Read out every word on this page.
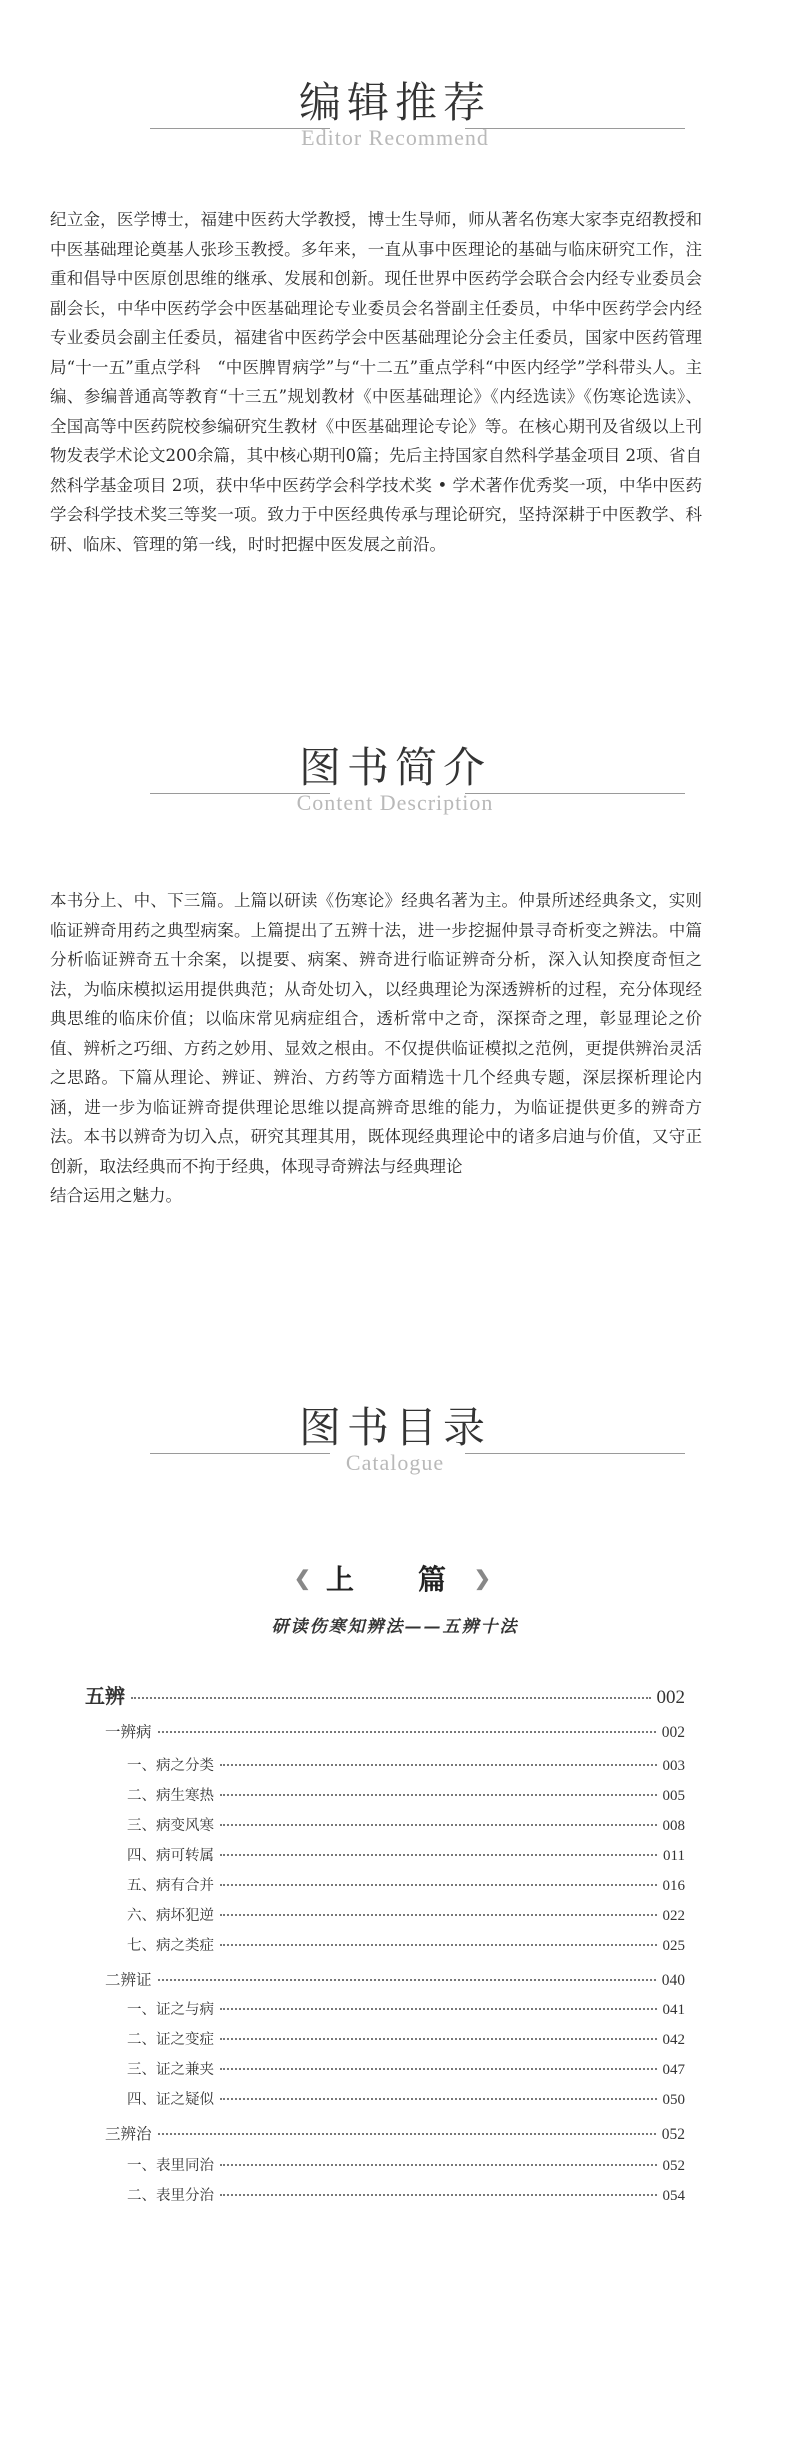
编辑推荐
Editor Recommend

纪立金，医学博士，福建中医药大学教授，博士生导师，师从著名伤寒大家李克绍教授和中医基础理论奠基人张珍玉教授。多年来，一直从事中医理论的基础与临床研究工作，注重和倡导中医原创思维的继承、发展和创新。现任世界中医药学会联合会内经专业委员会副会长，中华中医药学会中医基础理论专业委员会名誉副主任委员，中华中医药学会内经专业委员会副主任委员，福建省中医药学会中医基础理论分会主任委员，国家中医药管理局“十一五”重点学科　“中医脾胃病学”与“十二五”重点学科“中医内经学”学科带头人。主编、参编普通高等教育“十三五”规划教材《中医基础理论》《内经选读》《伤寒论选读》、全国高等中医药院校参编研究生教材《中医基础理论专论》等。在核心期刊及省级以上刊物发表学术论文200余篇，其中核心期刊0篇；先后主持国家自然科学基金项目 2项、省自然科学基金项目 2项，获中华中医药学会科学技术奖 • 学术著作优秀奖一项，中华中医药学会科学技术奖三等奖一项。致力于中医经典传承与理论研究，坚持深耕于中医教学、科研、临床、管理的第一线，时时把握中医发展之前沿。

图书简介
Content Description

本书分上、中、下三篇。上篇以研读《伤寒论》经典名著为主。仲景所述经典条文，实则临证辨奇用药之典型病案。上篇提出了五辨十法，进一步挖掘仲景寻奇析变之辨法。中篇分析临证辨奇五十余案，以提要、病案、辨奇进行临证辨奇分析，深入认知揆度奇恒之法，为临床模拟运用提供典范；从奇处切入，以经典理论为深透辨析的过程，充分体现经典思维的临床价值；以临床常见病症组合，透析常中之奇，深探奇之理，彰显理论之价值、辨析之巧细、方药之妙用、显效之根由。不仅提供临证模拟之范例，更提供辨治灵活之思路。下篇从理论、辨证、辨治、方药等方面精选十几个经典专题，深层探析理论内涵，进一步为临证辨奇提供理论思维以提高辨奇思维的能力，为临证提供更多的辨奇方法。本书以辨奇为切入点，研究其理其用，既体现经典理论中的诸多启迪与价值，又守正创新，取法经典而不拘于经典，体现寻奇辨法与经典理论

结合运用之魅力。

图书目录
Catalogue
❮
上　篇 ❯
研读伤寒知辨法——五辨十法
五辨	002
一辨病	002
一、病之分类	003
二、病生寒热	005
三、病变风寒	008
四、病可转属	011
五、病有合并	016
六、病坏犯逆	022
七、病之类症	025
二辨证	040
一、证之与病	041
二、证之变症	042
三、证之兼夹	047
四、证之疑似	050
三辨治	052
一、表里同治	052
二、表里分治	054
